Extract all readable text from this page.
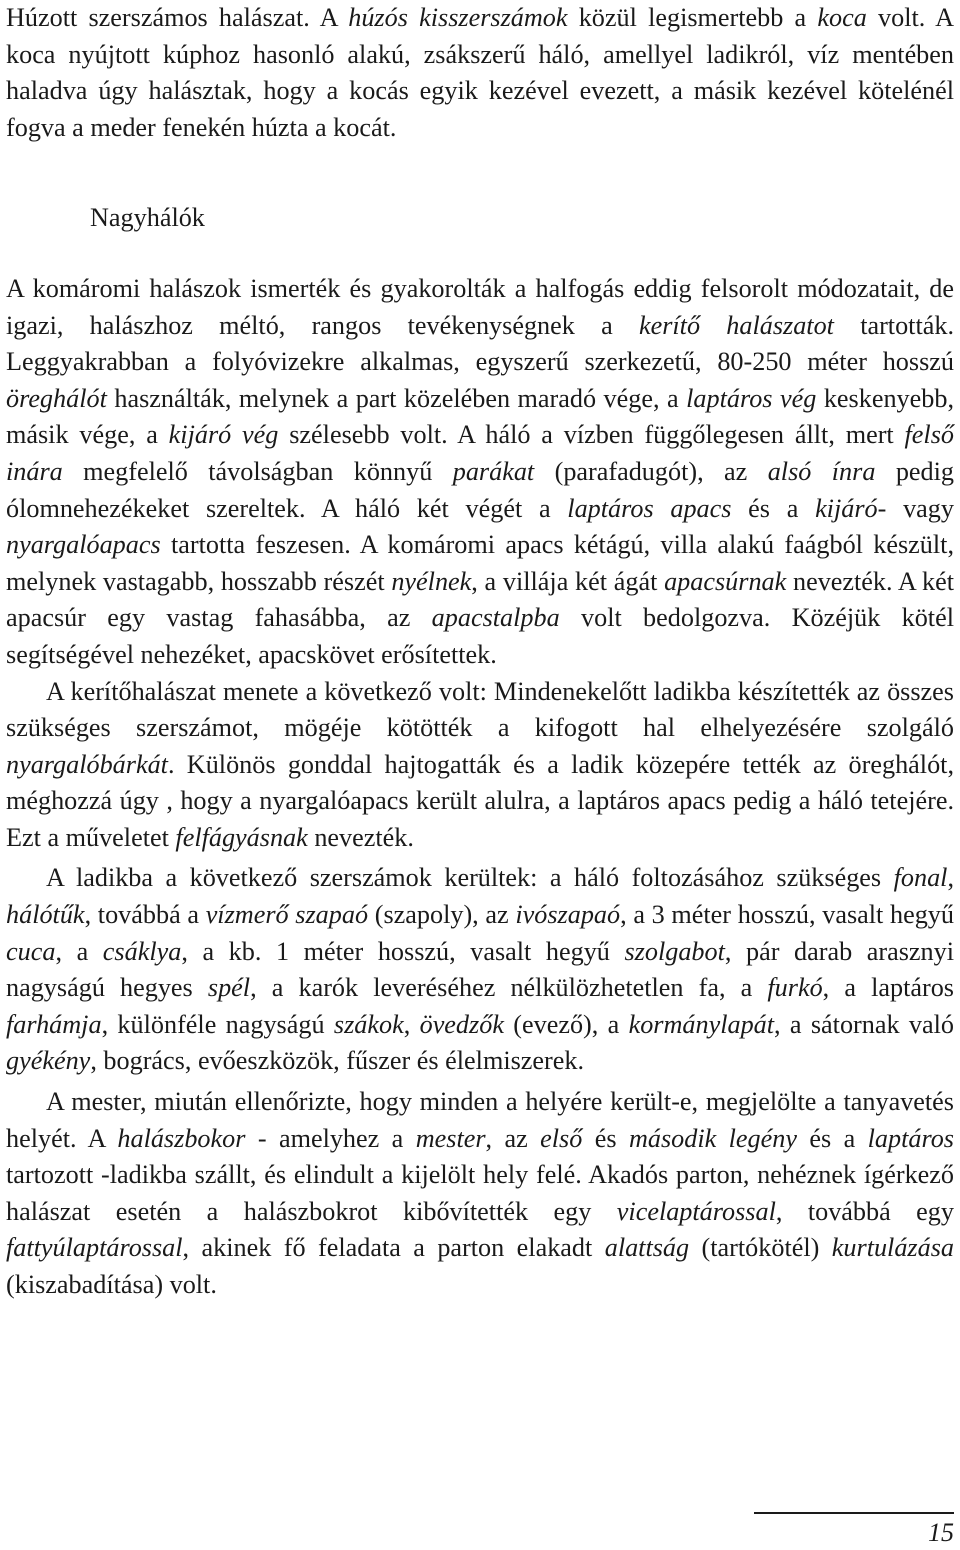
Húzott szerszámos halászat. A húzós kisszerszámok közül legismertebb a koca volt. A koca nyújtott kúphoz hasonló alakú, zsákszerű háló, amellyel ladikról, víz mentében haladva úgy halásztak, hogy a kocás egyik kezével evezett, a másik kezével kötelénél fogva a meder fenekén húzta a kocát.

Nagyhálók

A komáromi halászok ismerték és gyakorolták a halfogás eddig felsorolt módozatait, de igazi, halászhoz méltó, rangos tevékenységnek a kerítő halászatot tartották. Leggyakrabban a folyóvizekre alkalmas, egyszerű szerkezetű, 80-250 méter hosszú öreghálót használták, melynek a part közelében maradó vége, a laptáros vég keskenyebb, másik vége, a kijáró vég szélesebb volt. A háló a vízben függőlegesen állt, mert felső inára megfelelő távolságban könnyű parákat (parafadugót), az alsó ínra pedig ólomnehezékeket szereltek. A háló két végét a laptáros apacs és a kijáró- vagy nyargalóapacs tartotta feszesen. A komáromi apacs kétágú, villa alakú faágból készült, melynek vastagabb, hosszabb részét nyélnek, a villája két ágát apacsúrnak nevezték. A két apacsúr egy vastag fahasábba, az apacstalpba volt bedolgozva. Közéjük kötél segítségével nehezéket, apacskövet erősítettek.

A kerítőhalászat menete a következő volt: Mindenekelőtt ladikba készítették az összes szükséges szerszámot, mögéje kötötték a kifogott hal elhelyezésére szolgáló nyargalóbárkát. Különös gonddal hajtogatták és a ladik közepére tették az öreghálót, méghozzá úgy , hogy a nyargalóapacs került alulra, a laptáros apacs pedig a háló tetejére. Ezt a műveletet felfágyásnak nevezték.

A ladikba a következő szerszámok kerültek: a háló foltozásához szükséges fonal, hálótűk, továbbá a vízmerő szapaó (szapoly), az ivószapaó, a 3 méter hosszú, vasalt hegyű cuca, a csáklya, a kb. 1 méter hosszú, vasalt hegyű szolgabot, pár darab arasznyi nagyságú hegyes spél, a karók leveréséhez nélkülözhetetlen fa, a furkó, a laptáros farhámja, különféle nagyságú szákok, övedzők (evező), a kormánylapát, a sátornak való gyékény, bogrács, evőeszközök, fűszer és élelmiszerek.

A mester, miután ellenőrizte, hogy minden a helyére került-e, megjelölte a tanyavetés helyét. A halászbokor - amelyhez a mester, az első és második legény és a laptáros tartozott -ladikba szállt, és elindult a kijelölt hely felé. Akadós parton, nehéznek ígérkező halászat esetén a halászbokrot kibővítették egy vicelaptárossal, továbbá egy fattyúlaptárossal, akinek fő feladata a parton elakadt alattság (tartókötél) kurtulázása (kiszabadítása) volt.

15
